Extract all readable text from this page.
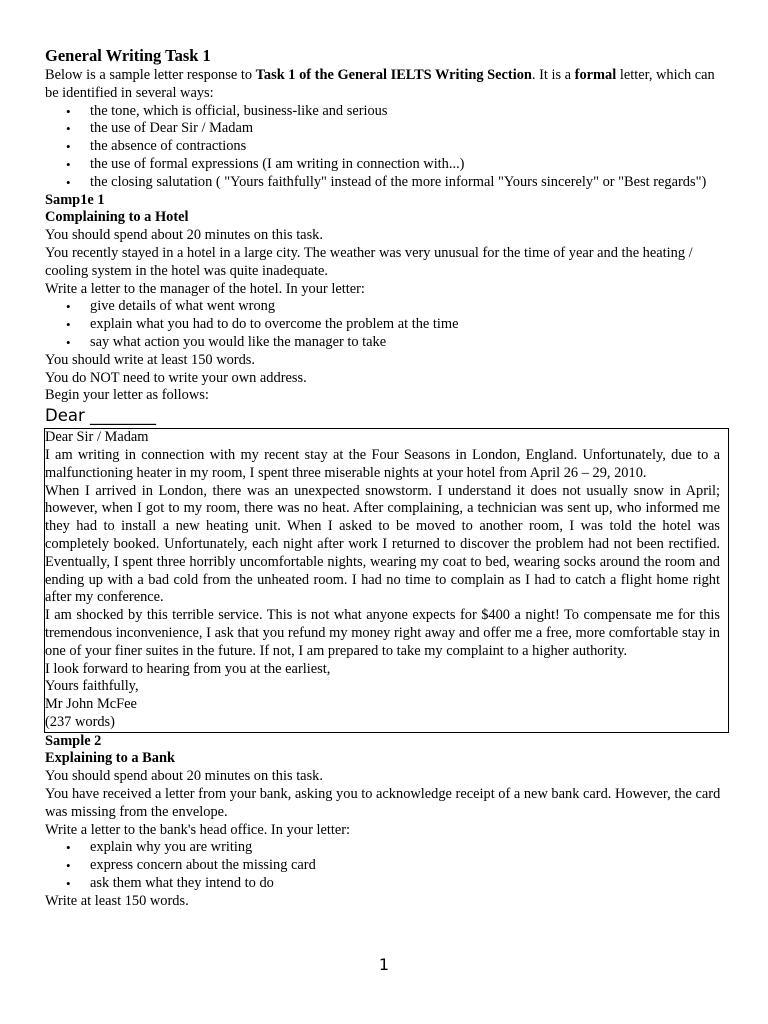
General Writing Task 1

Below is a sample letter response to Task 1 of the General IELTS Writing Section. It is a formal letter, which can be identified in several ways:

• the tone, which is official, business-like and serious
• the use of Dear Sir / Madam
• the absence of contractions
• the use of formal expressions (I am writing in connection with...)
• the closing salutation ( "Yours faithfully" instead of the more informal "Yours sincerely" or "Best regards")

Samp1e 1

Complaining to a Hotel

You should spend about 20 minutes on this task.

You recently stayed in a hotel in a large city. The weather was very unusual for the time of year and the heating / cooling system in the hotel was quite inadequate.

Write a letter to the manager of the hotel. In your letter:

• give details of what went wrong
• explain what you had to do to overcome the problem at the time
• say what action you would like the manager to take

You should write at least 150 words.

You do NOT need to write your own address.

Begin your letter as follows:

Dear ________

Dear Sir / Madam

I am writing in connection with my recent stay at the Four Seasons in London, England. Unfortunately, due to a malfunctioning heater in my room, I spent three miserable nights at your hotel from April 26 – 29, 2010.

When I arrived in London, there was an unexpected snowstorm. I understand it does not usually snow in April; however, when I got to my room, there was no heat. After complaining, a technician was sent up, who informed me they had to install a new heating unit. When I asked to be moved to another room, I was told the hotel was completely booked. Unfortunately, each night after work I returned to discover the problem had not been rectified. Eventually, I spent three horribly uncomfortable nights, wearing my coat to bed, wearing socks around the room and ending up with a bad cold from the unheated room. I had no time to complain as I had to catch a flight home right after my conference.

I am shocked by this terrible service. This is not what anyone expects for $400 a night! To compensate me for this tremendous inconvenience, I ask that you refund my money right away and offer me a free, more comfortable stay in one of your finer suites in the future. If not, I am prepared to take my complaint to a higher authority.

I look forward to hearing from you at the earliest,

Yours faithfully,

Mr John McFee

(237 words)

Sample 2

Explaining to a Bank

You should spend about 20 minutes on this task.

You have received a letter from your bank, asking you to acknowledge receipt of a new bank card. However, the card was missing from the envelope.

Write a letter to the bank's head office. In your letter:

• explain why you are writing
• express concern about the missing card
• ask them what they intend to do

Write at least 150 words.

1
